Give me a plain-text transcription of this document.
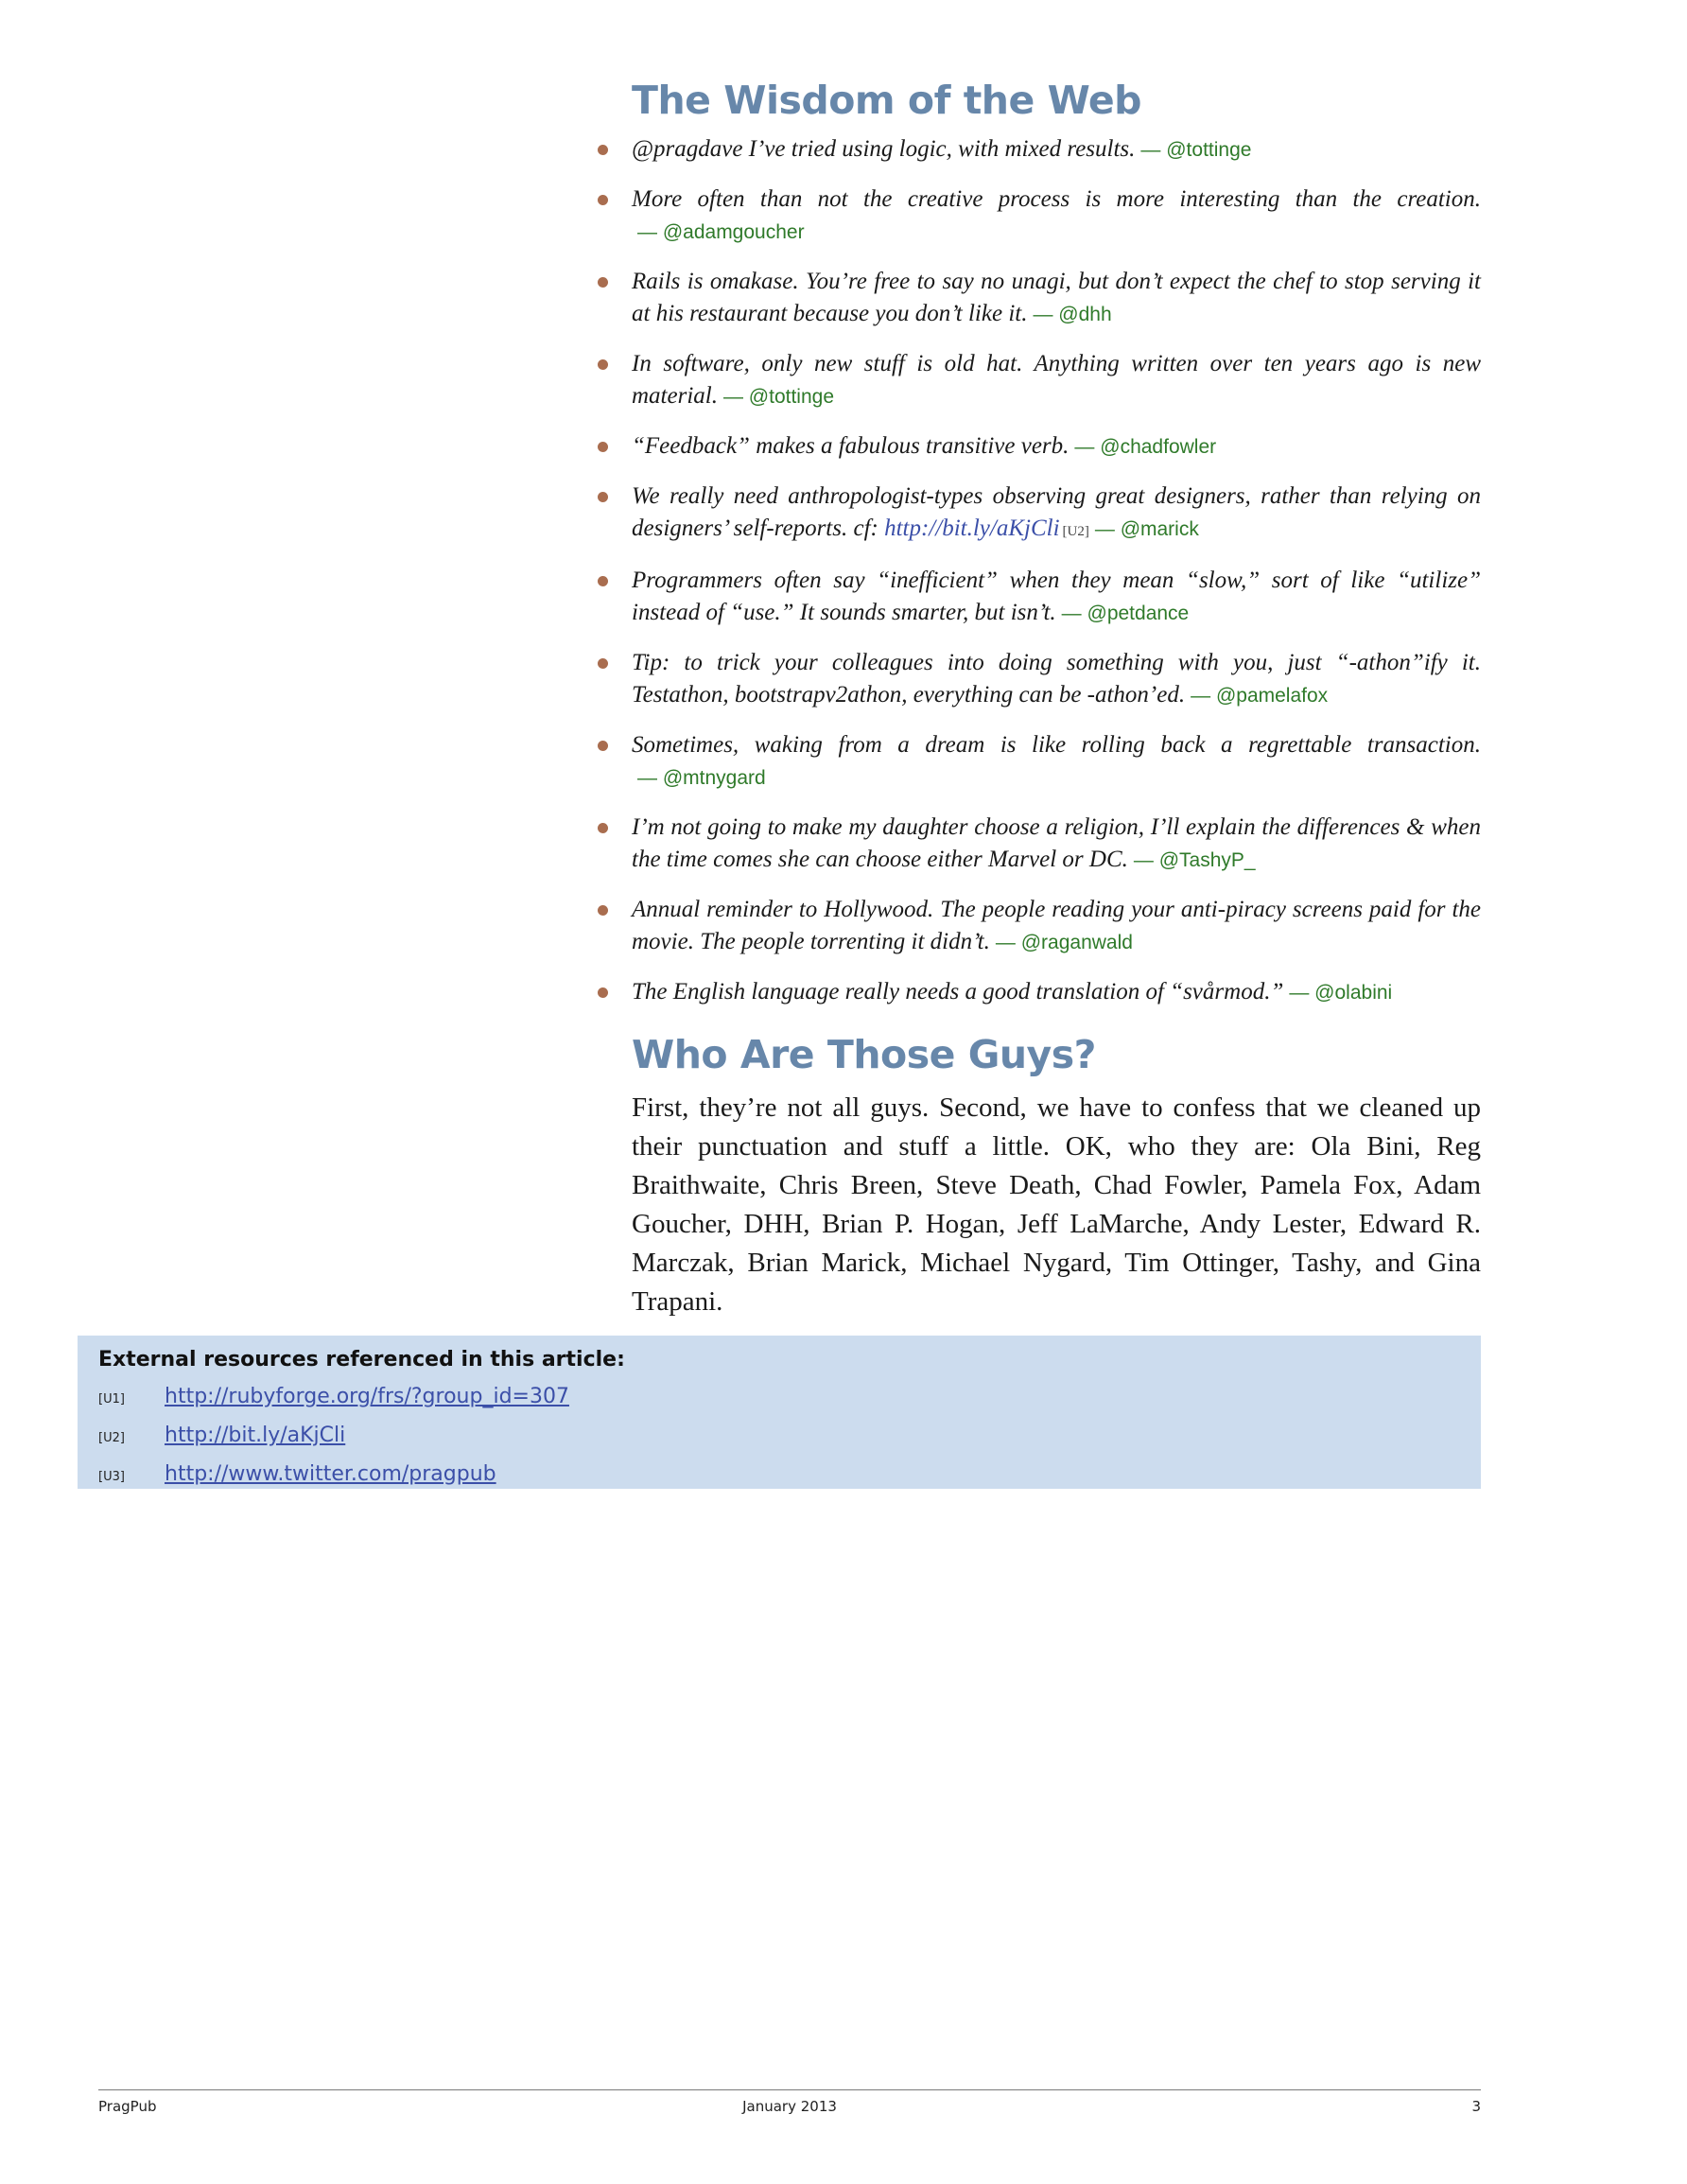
The Wisdom of the Web
@pragdave I’ve tried using logic, with mixed results. — @tottinge
More often than not the creative process is more interesting than the creation.— @adamgoucher
Rails is omakase. You’re free to say no unagi, but don’t expect the chef to stop serving it at his restaurant because you don’t like it. — @dhh
In software, only new stuff is old hat. Anything written over ten years ago is new material. — @tottinge
“Feedback” makes a fabulous transitive verb. — @chadfowler
We really need anthropologist-types observing great designers, rather than relying on designers’ self-reports. cf: http://bit.ly/aKjCli [U2] — @marick
Programmers often say “inefficient” when they mean “slow,” sort of like “utilize” instead of “use.” It sounds smarter, but isn’t. — @petdance
Tip: to trick your colleagues into doing something with you, just “-athon”ify it. Testathon, bootstrapv2athon, everything can be -athon’ed. — @pamelafox
Sometimes, waking from a dream is like rolling back a regrettable transaction.— @mtnygard
I’m not going to make my daughter choose a religion, I’ll explain the differences & when the time comes she can choose either Marvel or DC. — @TashyP_
Annual reminder to Hollywood. The people reading your anti-piracy screens paid for the movie. The people torrenting it didn’t. — @raganwald
The English language really needs a good translation of “svårmod.” — @olabini
Who Are Those Guys?

First, they’re not all guys. Second, we have to confess that we cleaned up their punctuation and stuff a little. OK, who they are: Ola Bini, Reg Braithwaite, Chris Breen, Steve Death, Chad Fowler, Pamela Fox, Adam Goucher, DHH, Brian P. Hogan, Jeff LaMarche, Andy Lester, Edward R. Marczak, Brian Marick, Michael Nygard, Tim Ottinger, Tashy, and Gina Trapani.

External resources referenced in this article:
[U1]	http://rubyforge.org/frs/?group_id=307
[U2]	http://bit.ly/aKjCli
[U3]	http://www.twitter.com/pragpub
PragPub	January 2013	3
